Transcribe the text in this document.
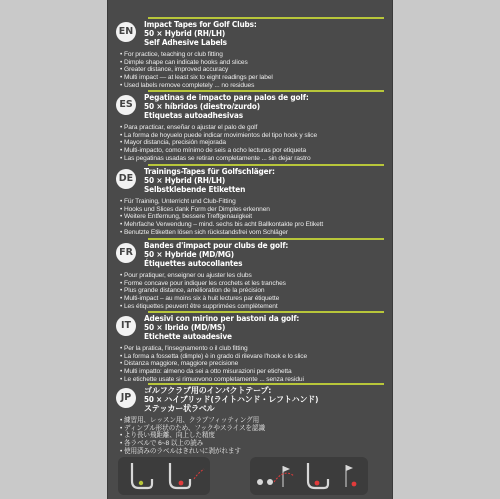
EN
Impact Tapes for Golf Clubs:
50 × Hybrid (RH/LH)
Self Adhesive Labels
• For practice, teaching or club fitting
• Dimple shape can indicate hooks and slices
• Greater distance, improved accuracy
• Multi impact — at least six to eight readings per label
• Used labels remove completely ... no residues
ES
Pegatinas de impacto para palos de golf:
50 × híbridos (diestro/zurdo)
Etiquetas autoadhesivas
• Para practicar, enseñar o ajustar el palo de golf
• La forma de hoyuelo puede indicar movimientos del tipo hook y slice
• Mayor distancia, precisión mejorada
• Multi-impacto, como mínimo de seis a ocho lecturas por etiqueta
• Las pegatinas usadas se retiran completamente ... sin dejar rastro
DE
Trainings-Tapes für Golfschläger:
50 × Hybrid (RH/LH)
Selbstklebende Etiketten
• Für Training, Unterricht und Club-Fitting
• Hooks und Slices dank Form der Dimples erkennen
• Weitere Entfernung, bessere Treffgenauigkeit
• Mehrfache Verwendung – mind. sechs bis acht Ballkontakte pro Etikett
• Benutzte Etiketten lösen sich rückstandsfrei vom Schläger
FR
Bandes d'impact pour clubs de golf:
50 × Hybride (MD/MG)
Étiquettes autocollantes
• Pour pratiquer, enseigner ou ajuster les clubs
• Forme concave pour indiquer les crochets et les tranches
• Plus grande distance, amélioration de la précision
• Multi-impact – au moins six à huit lectures par étiquette
• Les étiquettes peuvent être supprimées complètement
IT
Adesivi con mirino per bastoni da golf:
50 × Ibrido (MD/MS)
Etichette autoadesive
• Per la pratica, l'insegnamento o il club fitting
• La forma a fossetta (dimple) è in grado di rilevare l'hook e lo slice
• Distanza maggiore, maggiore precisione
• Multi impatto: almeno da sei a otto misurazioni per etichetta
• Le etichette usate si rimuovono completamente ... senza residui
JP
ゴルフクラブ用のインパクトテープ:
50 × ハイブリッド(ライトハンド・レフトハンド)
ステッカー状ラベル
• 練習用、レッスン用、クラブフィッティング用
• ディンプル形状のため、フックやスライスを認識
• より長い飛距離、向上した精度
• 各ラベルで 6~8 以上の読み
• 使用済みのラベルはきれいに剥がれます
